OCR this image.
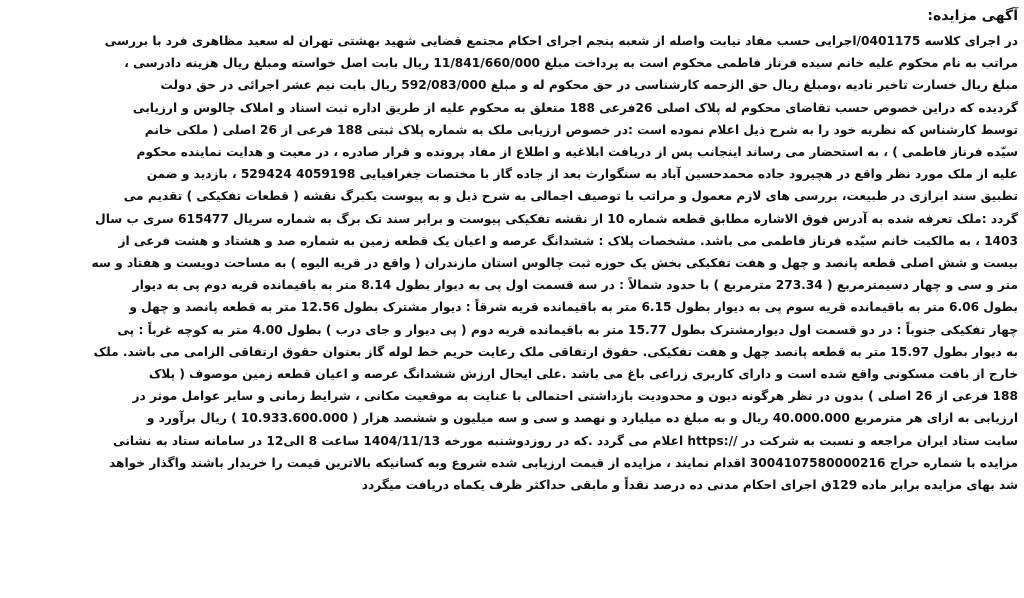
آگهی مزایده:
در اجرای کلاسه 0401175/اجرایی حسب مفاد نیابت واصله از شعبه پنجم اجرای احکام مجتمع قضایی شهید بهشتی تهران له سعید مظاهری فرد با بررسی
مراتب به نام محکوم علیه خانم سیده فرناز فاطمی محکوم است به پرداخت مبلغ 11/841/660/000 ریال بابت اصل خواسته ومبلغ ریال هزینه دادرسی ،
مبلغ ریال خسارت تاخیر تادیه ،ومبلغ ریال حق الزحمه کارشناسی در حق محکوم له و مبلغ 592/083/000 ریال بابت نیم عشر اجرائی در حق دولت
گردیده که دراین خصوص حسب تقاضای محکوم له پلاک اصلی 26فرعی 188 متعلق به محکوم علیه از طریق اداره ثبت اسناد و املاک چالوس و ارزیابی
توسط کارشناس که نظریه خود را به شرح ذیل اعلام نموده است :در خصوص ارزیابی ملک به شماره پلاک ثبتی 188 فرعی از 26 اصلی ( ملکی خانم
سیّده فرناز فاطمی ) ، به استحضار می رساند اینجانب پس از دریافت ابلاغیه و اطلاع از مفاد پرونده و قرار صادره ، در معیت و هدایت نماینده محکوم
علیه از ملک مورد نظر واقع در هچیرود جاده محمدحسین آباد به سنگوارث بعد از جاده گاز با مختصات جغرافیایی 4059198 529424 ، بازدید و ضمن
تطبیق سند ابرازی در طبیعت، بررسی های لازم معمول و مراتب با توصیف اجمالی به شرح ذیل و به پیوست یکبرگ نقشه ( قطعات تفکیکی ) تقدیم می
گردد :ملک تعرفه شده به آدرس فوق الاشاره مطابق قطعه شماره 10 از نقشه تفکیکی پیوست و برابر سند تک برگ به شماره سریال 615477 سری ب سال
1403 ، به مالکیت خانم سیّده فرناز فاطمی می باشد. مشخصات پلاک : ششدانگ عرصه و اعیان یک قطعه زمین به شماره صد و هشتاد و هشت فرعی از
بیست و شش اصلی قطعه پانصد و چهل و هفت تفکیکی بخش یک حوزه ثبت چالوس استان مازندران ( واقع در قریه الیوه ) به مساحت دویست و هفتاد و سه
متر و سی و چهار دسیمترمربع ( 273.34 مترمربع ) با حدود شمالاً : در سه قسمت اول پی به دیوار بطول 8.14 متر به باقیمانده قریه دوم پی به دیوار
بطول 6.06 متر به باقیمانده قریه سوم پی به دیوار بطول 6.15 متر به باقیمانده قریه شرقاً : دیوار مشترک بطول 12.56 متر به قطعه پانصد و چهل و
چهار تفکیکی جنوباً : در دو قسمت اول دیوارمشترک بطول 15.77 متر به باقیمانده قریه دوم ( پی دیوار و جای درب ) بطول 4.00 متر به کوچه غرباً : پی
به دیوار بطول 15.97 متر به قطعه پانصد چهل و هفت تفکیکی. حقوق ارتفاقی ملک رعایت حریم خط لوله گاز بعنوان حقوق ارتفاقی الزامی می باشد. ملک
خارج از بافت مسکونی واقع شده است و دارای کاربری زراعی باغ می باشد .علی ایحال ارزش ششدانگ عرصه و اعیان قطعه زمین موصوف ( پلاک
188 فرعی از 26 اصلی ) بدون در نظر هرگونه دیون و محدودیت بازداشتی احتمالی با عنایت به موقعیت مکانی ، شرایط زمانی و سایر عوامل موثر در
ارزیابی به ازای هر مترمربع 40.000.000 ریال و به مبلغ ده میلیارد و نهصد و سی و سه میلیون و ششصد هزار ( 10.933.600.000 ) ریال برآورد و
سایت ستاد ایران مراجعه و نسبت به شرکت در //:https اعلام می گردد .که در روزدوشنبه مورخه 1404/11/13 ساعت 8 الی12 در سامانه ستاد به نشانی
مزایده با شماره حراج 3004107580000216 اقدام نمایند ، مزایده از قیمت ارزیابی شده شروع وبه کسانیکه بالاترین قیمت را خریدار باشند واگذار خواهد
شد بهای مزایده برابر ماده 129ق اجرای احکام مدنی ده درصد نقداً و مابقی حداکثر ظرف یکماه دریافت میگردد
